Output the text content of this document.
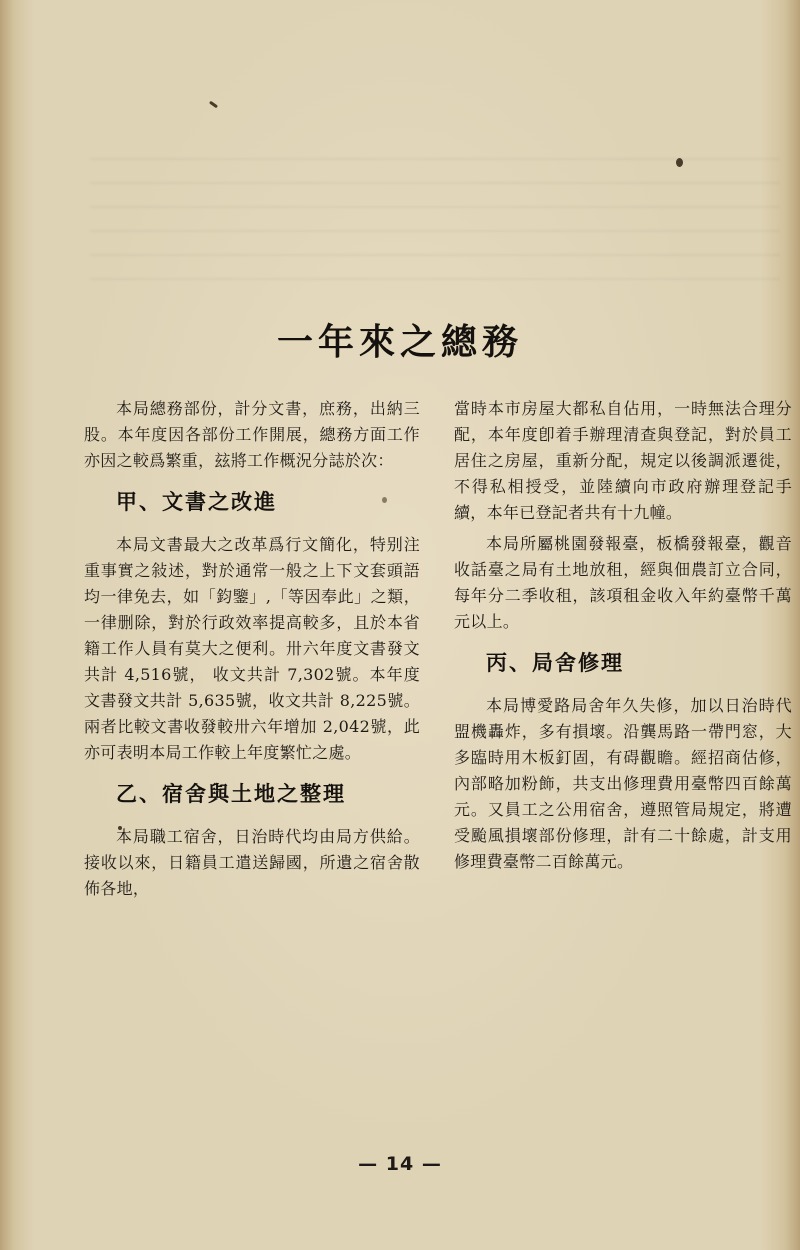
一年來之總務

本局總務部份，計分文書，庶務，出納三股。本年度因各部份工作開展，總務方面工作亦因之較爲繁重，玆將工作概況分誌於次：

甲、文書之改進

本局文書最大之改革爲行文簡化，特别注重事實之敍述，對於通常一般之上下文套頭語均一律免去，如「鈞鑒」,「等因奉此」之類，一律删除，對於行政效率提高較多，且於本省籍工作人員有莫大之便利。卅六年度文書發文共計 4,516號， 收文共計 7,302號。本年度文書發文共計 5,635號，收文共計 8,225號。兩者比較文書收發較卅六年增加 2,042號，此亦可表明本局工作較上年度繁忙之處。

乙、宿舍與土地之整理

本局職工宿舍，日治時代均由局方供給。接收以來，日籍員工遣送歸國，所遺之宿舍散佈各地，

當時本市房屋大都私自佔用，一時無法合理分配，本年度卽着手辦理清查與登記，對於員工居住之房屋，重新分配，規定以後調派遷徙，不得私相授受，並陸續向市政府辦理登記手續，本年已登記者共有十九幢。

本局所屬桃園發報臺，板橋發報臺，觀音收話臺之局有土地放租，經與佃農訂立合同，每年分二季收租，該項租金收入年約臺幣千萬元以上。

丙、局舍修理

本局博愛路局舍年久失修，加以日治時代盟機轟炸，多有損壞。沿龔馬路一帶門窓，大多臨時用木板釘固，有碍觀瞻。經招商估修，內部略加粉飾，共支出修理費用臺幣四百餘萬元。又員工之公用宿舍，遵照管局規定，將遭受颱風損壞部份修理，計有二十餘處，計支用修理費臺幣二百餘萬元。

— 14 —
